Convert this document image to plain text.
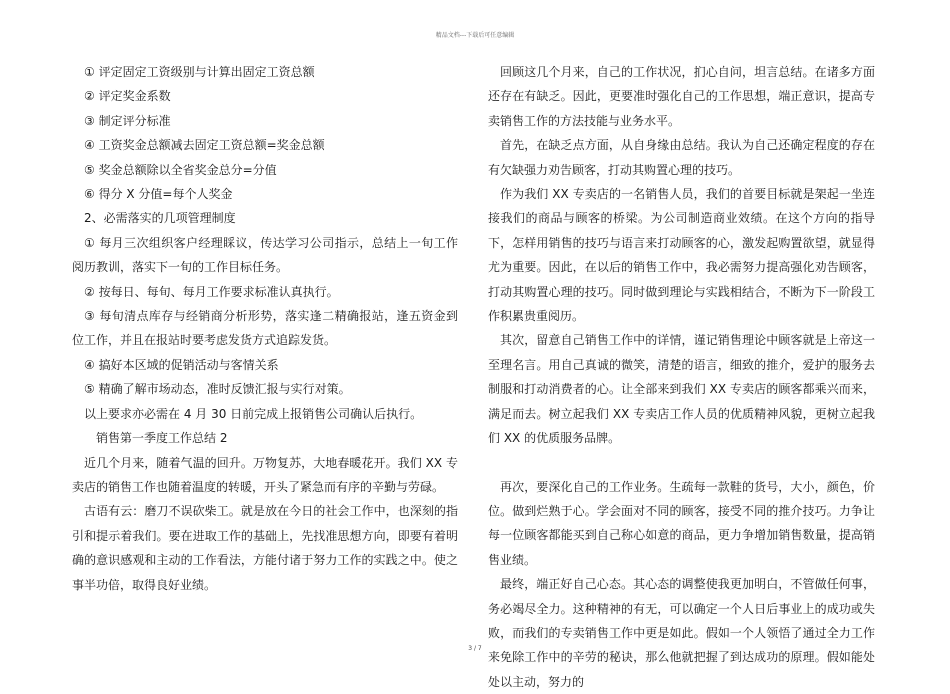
精品文档---下载后可任意编辑

① 评定固定工资级别与计算出固定工资总额

② 评定奖金系数

③ 制定评分标准

④ 工资奖金总额减去固定工资总额=奖金总额

⑤ 奖金总额除以全省奖金总分=分值

⑥ 得分 X 分值=每个人奖金

2、必需落实的几项管理制度

① 每月三次组织客户经理睬议，传达学习公司指示，总结上一旬工作阅历教训，落实下一旬的工作目标任务。

② 按每日、每旬、每月工作要求标准认真执行。

③ 每旬清点库存与经销商分析形势，落实逢二精确报站，逢五资金到位工作，并且在报站时要考虑发货方式追踪发货。

④ 搞好本区域的促销活动与客情关系

⑤ 精确了解市场动态，准时反馈汇报与实行对策。

以上要求亦必需在 4 月 30 日前完成上报销售公司确认后执行。

销售第一季度工作总结 2

近几个月来，随着气温的回升。万物复苏，大地春暖花开。我们 XX 专卖店的销售工作也随着温度的转暖，开头了紧急而有序的辛勤与劳碌。

古语有云：磨刀不误砍柴工。就是放在今日的社会工作中，也深刻的指引和提示着我们。要在进取工作的基础上，先找准思想方向，即要有着明确的意识感观和主动的工作看法，方能付诸于努力工作的实践之中。使之事半功倍，取得良好业绩。

回顾这几个月来，自己的工作状况，扪心自问，坦言总结。在诸多方面还存在有缺乏。因此，更要准时强化自己的工作思想，端正意识，提高专卖销售工作的方法技能与业务水平。

首先，在缺乏点方面，从自身缘由总结。我认为自己还确定程度的存在有欠缺强力劝告顾客，打动其购置心理的技巧。

作为我们 XX 专卖店的一名销售人员，我们的首要目标就是架起一坐连接我们的商品与顾客的桥梁。为公司制造商业效绩。在这个方向的指导下，怎样用销售的技巧与语言来打动顾客的心，激发起购置欲望，就显得尤为重要。因此，在以后的销售工作中，我必需努力提高强化劝告顾客，打动其购置心理的技巧。同时做到理论与实践相结合，不断为下一阶段工作积累贵重阅历。

其次，留意自己销售工作中的详情，谨记销售理论中顾客就是上帝这一至理名言。用自己真诚的微笑，清楚的语言，细致的推介，爱护的服务去制服和打动消费者的心。让全部来到我们 XX 专卖店的顾客都乘兴而来，满足而去。树立起我们 XX 专卖店工作人员的优质精神风貌，更树立起我们 XX 的优质服务品牌。

再次，要深化自己的工作业务。生疏每一款鞋的货号，大小，颜色，价位。做到烂熟于心。学会面对不同的顾客，接受不同的推介技巧。力争让每一位顾客都能买到自己称心如意的商品，更力争增加销售数量，提高销售业绩。

最终，端正好自己心态。其心态的调整使我更加明白，不管做任何事，务必竭尽全力。这种精神的有无，可以确定一个人日后事业上的成功或失败，而我们的专卖销售工作中更是如此。假如一个人领悟了通过全力工作来免除工作中的辛劳的秘诀，那么他就把握了到达成功的原理。假如能处处以主动，努力的

3 / 7
